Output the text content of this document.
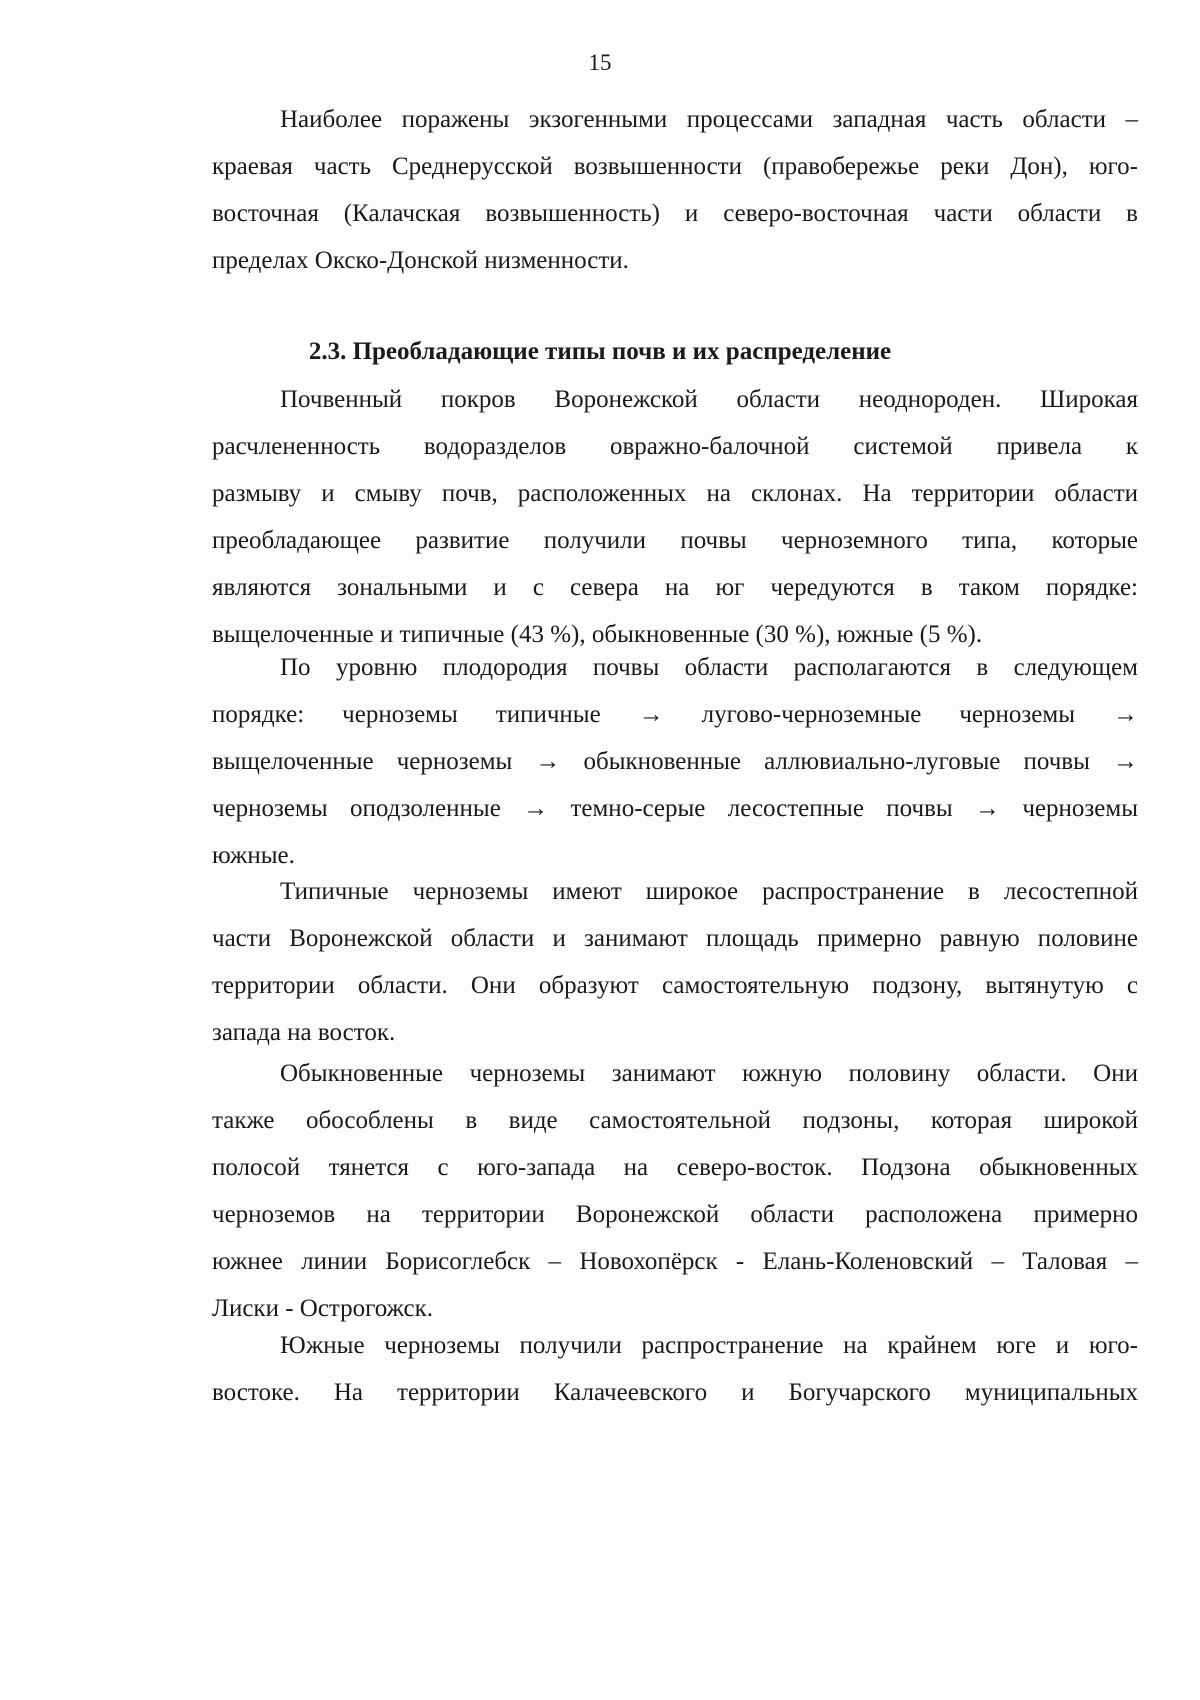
15
Наиболее поражены экзогенными процессами западная часть области –
краевая часть Среднерусской возвышенности (правобережье реки Дон), юго-
восточная (Калачская возвышенность) и северо-восточная части области в
пределах Окско-Донской низменности.
2.3. Преобладающие типы почв и их распределение
Почвенный покров Воронежской области неоднороден. Широкая
расчлененность водоразделов овражно-балочной системой привела к
размыву и смыву почв, расположенных на склонах. На территории области
преобладающее развитие получили почвы черноземного типа, которые
являются зональными и с севера на юг чередуются в таком порядке:
выщелоченные и типичные (43 %), обыкновенные (30 %), южные (5 %).
По уровню плодородия почвы области располагаются в следующем
порядке: черноземы типичные → лугово-черноземные черноземы →
выщелоченные черноземы → обыкновенные аллювиально-луговые почвы →
черноземы оподзоленные → темно-серые лесостепные почвы → черноземы
южные.
Типичные черноземы имеют широкое распространение в лесостепной
части Воронежской области и занимают площадь примерно равную половине
территории области. Они образуют самостоятельную подзону, вытянутую с
запада на восток.
Обыкновенные черноземы занимают южную половину области. Они
также обособлены в виде самостоятельной подзоны, которая широкой
полосой тянется с юго-запада на северо-восток. Подзона обыкновенных
черноземов на территории Воронежской области расположена примерно
южнее линии Борисоглебск – Новохопёрск - Елань-Коленовский – Таловая –
Лиски - Острогожск.
Южные черноземы получили распространение на крайнем юге и юго-
востоке. На территории Калачеевского и Богучарского муниципальных
